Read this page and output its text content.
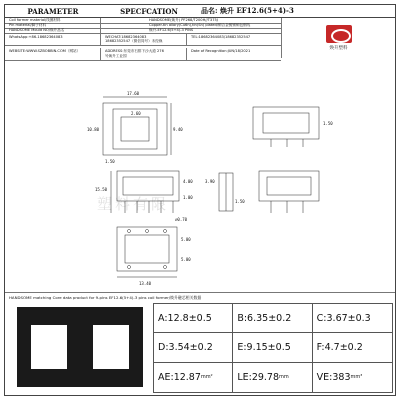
PARAMETER	SPECFCATION	品名: 焕升 EF12.6(5+4)-3
Coil former material/线圈材料	HANDSOME(焕升) PF268/T200H//T375J
Pin material/脚子材料	Copper-tin allory(Cu6n),tin(Sn) plated/铜合金镀锡铜包钢线
HANDSOME Mould NO/焕升品名	焕升-EF12.6(5+4)-3 PINS
焕升塑料
WhatsApp:+86-18682364083	WECHAT:18682364083
18682352547（微信同号）未经焕
TEL:18682364083/18682352547
WEBSITE:WWW.SZBOBBIN.COM（网站）	ADDRESS:东莞市石排下沙大道 276
号焕升工业园
Date of Recognition:JUN/18/2021
17.60
2.60
1.50
10.80	9.40
1.50
15.50
4.00
1.00
∅0.70
3.90
1.50
13.40
5.00
5.00
塑料有限
HANDSOME matching Core data product for 9-pins EF12.6(5+4)-3 pins coil former/焕升磁芯相关数据
A: 12.8±0.5	B: 6.35±0.2	C: 3.67±0.3
D: 3.54±0.2	E: 9.15±0.5	F: 4.7±0.2
AE: 12.87 mm²	LE: 29.78 mm	VE: 383 mm³
